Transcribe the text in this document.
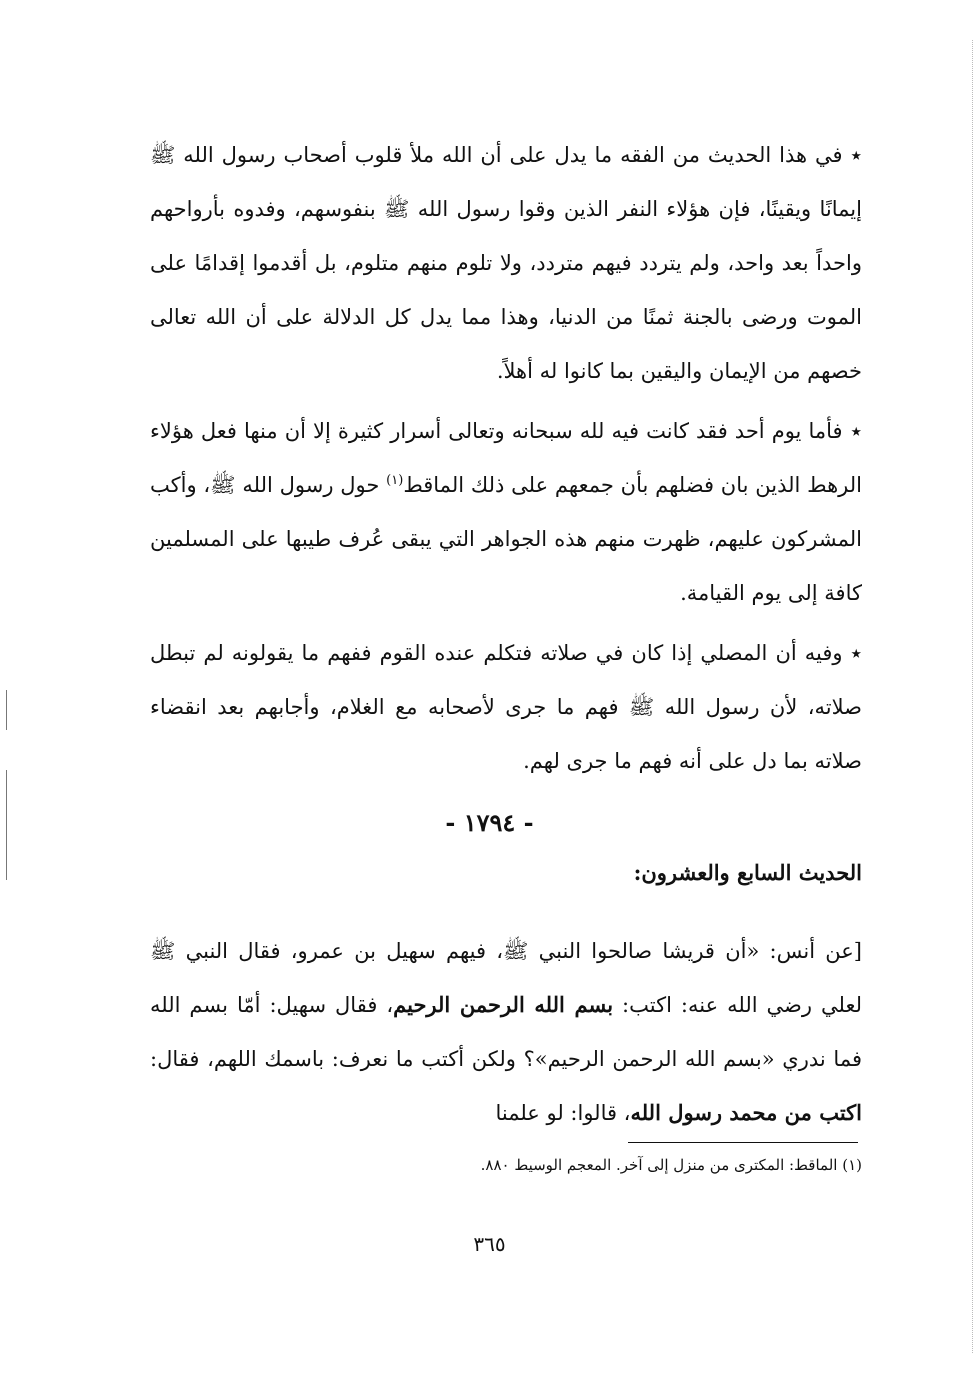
٭في هذا الحديث من الفقه ما يدل على أن الله ملأ قلوب أصحاب رسول الله ﷺ إيمانًا ويقينًا، فإن هؤلاء النفر الذين وقوا رسول الله ﷺ بنفوسهم، وفدوه بأرواحهم واحداً بعد واحد، ولم يتردد فيهم متردد، ولا تلوم منهم متلوم، بل أقدموا إقدامًا على الموت ورضى بالجنة ثمنًا من الدنيا، وهذا مما يدل كل الدلالة على أن الله تعالى خصهم من الإيمان واليقين بما كانوا له أهلاً.

٭فأما يوم أحد فقد كانت فيه لله سبحانه وتعالى أسرار كثيرة إلا أن منها فعل هؤلاء الرهط الذين بان فضلهم بأن جمعهم على ذلك الماقط$^{(١)}$ حول رسول الله ﷺ، وأكب المشركون عليهم، ظهرت منهم هذه الجواهر التي يبقى عُرف طيبها على المسلمين كافة إلى يوم القيامة.

٭وفيه أن المصلي إذا كان في صلاته فتكلم عنده القوم ففهم ما يقولونه لم تبطل صلاته، لأن رسول الله ﷺ فهم ما جرى لأصحابه مع الغلام، وأجابهم بعد انقضاء صلاته بما دل على أنه فهم ما جرى لهم.

- ١٧٩٤ -
الحديث السابع والعشرون:

[عن أنس: «أن قريشا صالحوا النبي ﷺ، فيهم سهيل بن عمرو، فقال النبي ﷺ لعلي رضي الله عنه: اكتب: بسم الله الرحمن الرحيم، فقال سهيل: أمّا بسم الله فما ندري «بسم الله الرحمن الرحيم»؟ ولكن أكتب ما نعرف: باسمك اللهم، فقال: اكتب من محمد رسول الله، قالوا: لو علمنا

(١) الماقط: المكترى من منزل إلى آخر. المعجم الوسيط ٨٨٠.
٣٦٥
